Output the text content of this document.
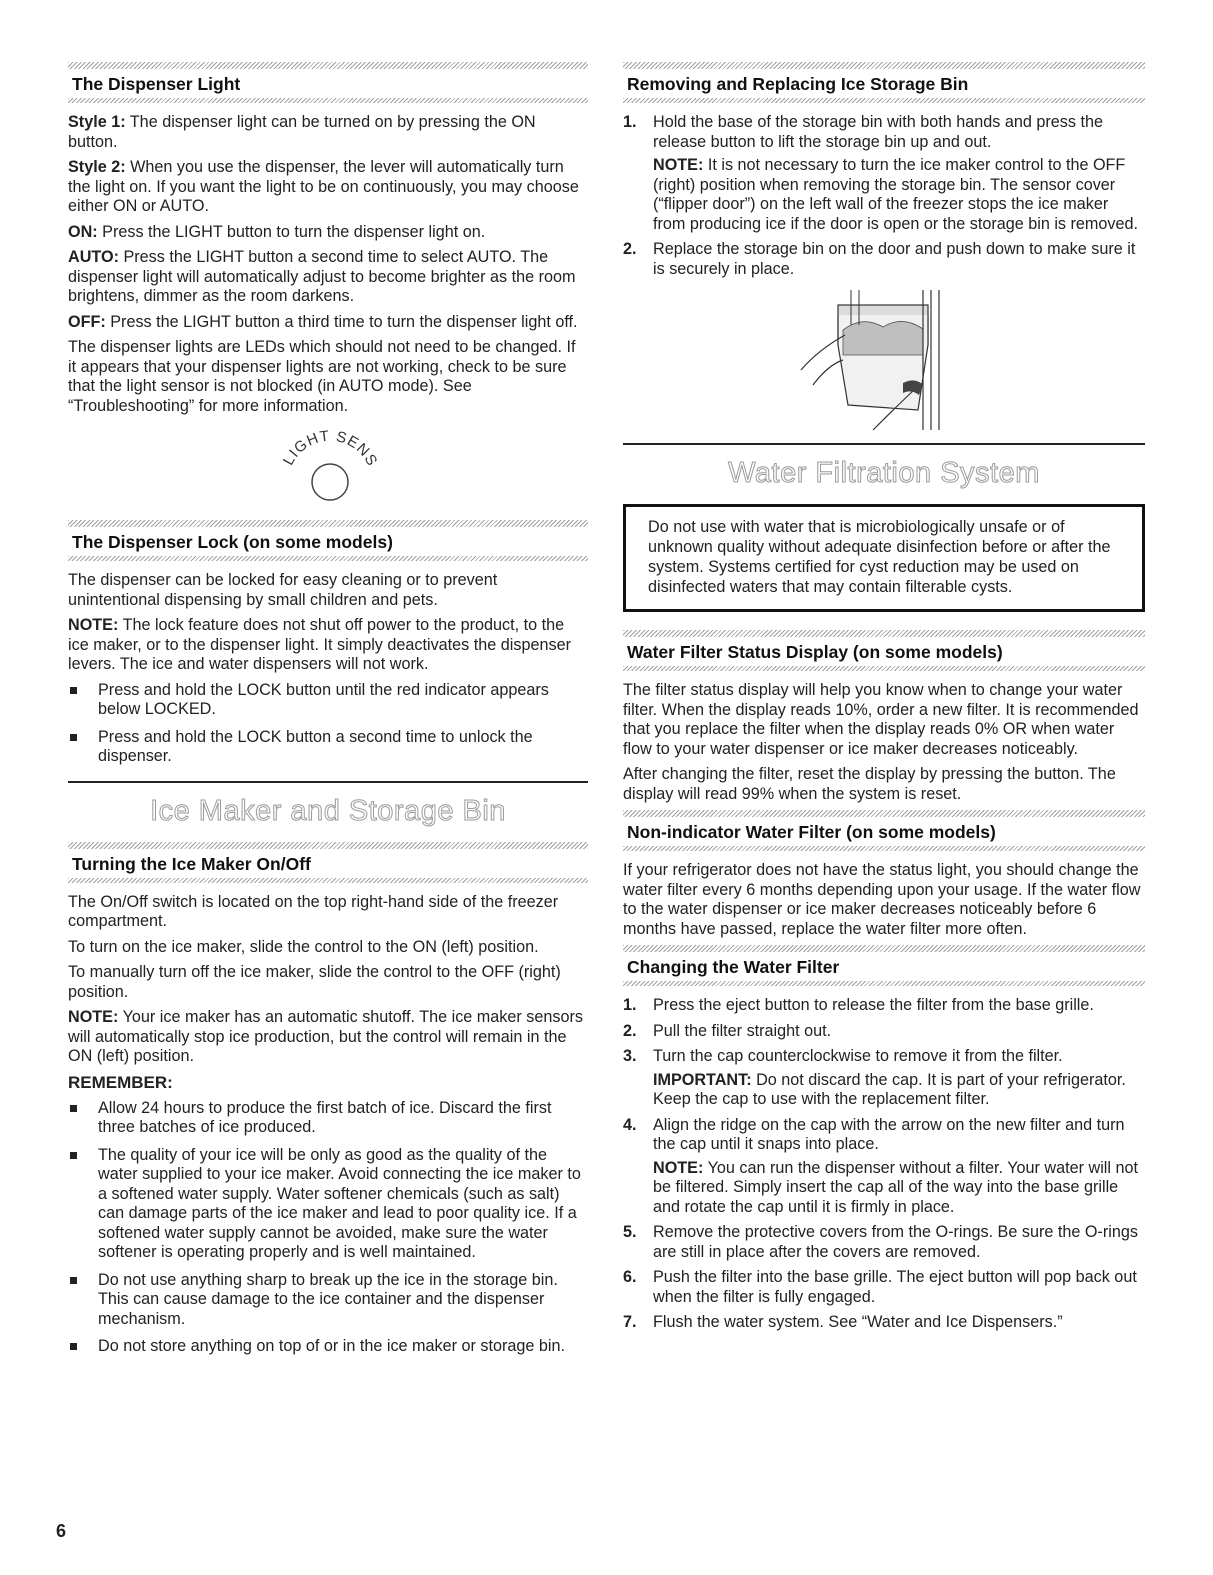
The Dispenser Light

Style 1: The dispenser light can be turned on by pressing the ON button.

Style 2: When you use the dispenser, the lever will automatically turn the light on. If you want the light to be on continuously, you may choose either ON or AUTO.

ON: Press the LIGHT button to turn the dispenser light on.

AUTO: Press the LIGHT button a second time to select AUTO. The dispenser light will automatically adjust to become brighter as the room brightens, dimmer as the room darkens.

OFF: Press the LIGHT button a third time to turn the dispenser light off.

The dispenser lights are LEDs which should not need to be changed. If it appears that your dispenser lights are not working, check to be sure that the light sensor is not blocked (in AUTO mode). See “Troubleshooting” for more information.

LIGHT SENS
The Dispenser Lock (on some models)

The dispenser can be locked for easy cleaning or to prevent unintentional dispensing by small children and pets.

NOTE: The lock feature does not shut off power to the product, to the ice maker, or to the dispenser light. It simply deactivates the dispenser levers. The ice and water dispensers will not work.

Press and hold the LOCK button until the red indicator appears below LOCKED.
Press and hold the LOCK button a second time to unlock the dispenser.
Ice Maker and Storage Bin
Turning the Ice Maker On/Off

The On/Off switch is located on the top right-hand side of the freezer compartment.

To turn on the ice maker, slide the control to the ON (left) position.

To manually turn off the ice maker, slide the control to the OFF (right) position.

NOTE: Your ice maker has an automatic shutoff. The ice maker sensors will automatically stop ice production, but the control will remain in the ON (left) position.

REMEMBER:
Allow 24 hours to produce the first batch of ice. Discard the first three batches of ice produced.
The quality of your ice will be only as good as the quality of the water supplied to your ice maker. Avoid connecting the ice maker to a softened water supply. Water softener chemicals (such as salt) can damage parts of the ice maker and lead to poor quality ice. If a softened water supply cannot be avoided, make sure the water softener is operating properly and is well maintained.
Do not use anything sharp to break up the ice in the storage bin. This can cause damage to the ice container and the dispenser mechanism.
Do not store anything on top of or in the ice maker or storage bin.
Removing and Replacing Ice Storage Bin
1. Hold the base of the storage bin with both hands and press the release button to lift the storage bin up and out.

NOTE: It is not necessary to turn the ice maker control to the OFF (right) position when removing the storage bin. The sensor cover (“flipper door”) on the left wall of the freezer stops the ice maker from producing ice if the door is open or the storage bin is removed.

2. Replace the storage bin on the door and push down to make sure it is securely in place.
Water Filtration System

Do not use with water that is microbiologically unsafe or of unknown quality without adequate disinfection before or after the system. Systems certified for cyst reduction may be used on disinfected waters that may contain filterable cysts.

Water Filter Status Display (on some models)

The filter status display will help you know when to change your water filter. When the display reads 10%, order a new filter. It is recommended that you replace the filter when the display reads 0% OR when water flow to your water dispenser or ice maker decreases noticeably.

After changing the filter, reset the display by pressing the button. The display will read 99% when the system is reset.

Non-indicator Water Filter (on some models)

If your refrigerator does not have the status light, you should change the water filter every 6 months depending upon your usage. If the water flow to the water dispenser or ice maker decreases noticeably before 6 months have passed, replace the water filter more often.

Changing the Water Filter
1. Press the eject button to release the filter from the base grille.
2. Pull the filter straight out.
3. Turn the cap counterclockwise to remove it from the filter.

IMPORTANT: Do not discard the cap. It is part of your refrigerator. Keep the cap to use with the replacement filter.

4. Align the ridge on the cap with the arrow on the new filter and turn the cap until it snaps into place.

NOTE: You can run the dispenser without a filter. Your water will not be filtered. Simply insert the cap all of the way into the base grille and rotate the cap until it is firmly in place.

5. Remove the protective covers from the O-rings. Be sure the O-rings are still in place after the covers are removed.
6. Push the filter into the base grille. The eject button will pop back out when the filter is fully engaged.
7. Flush the water system. See “Water and Ice Dispensers.”
6
